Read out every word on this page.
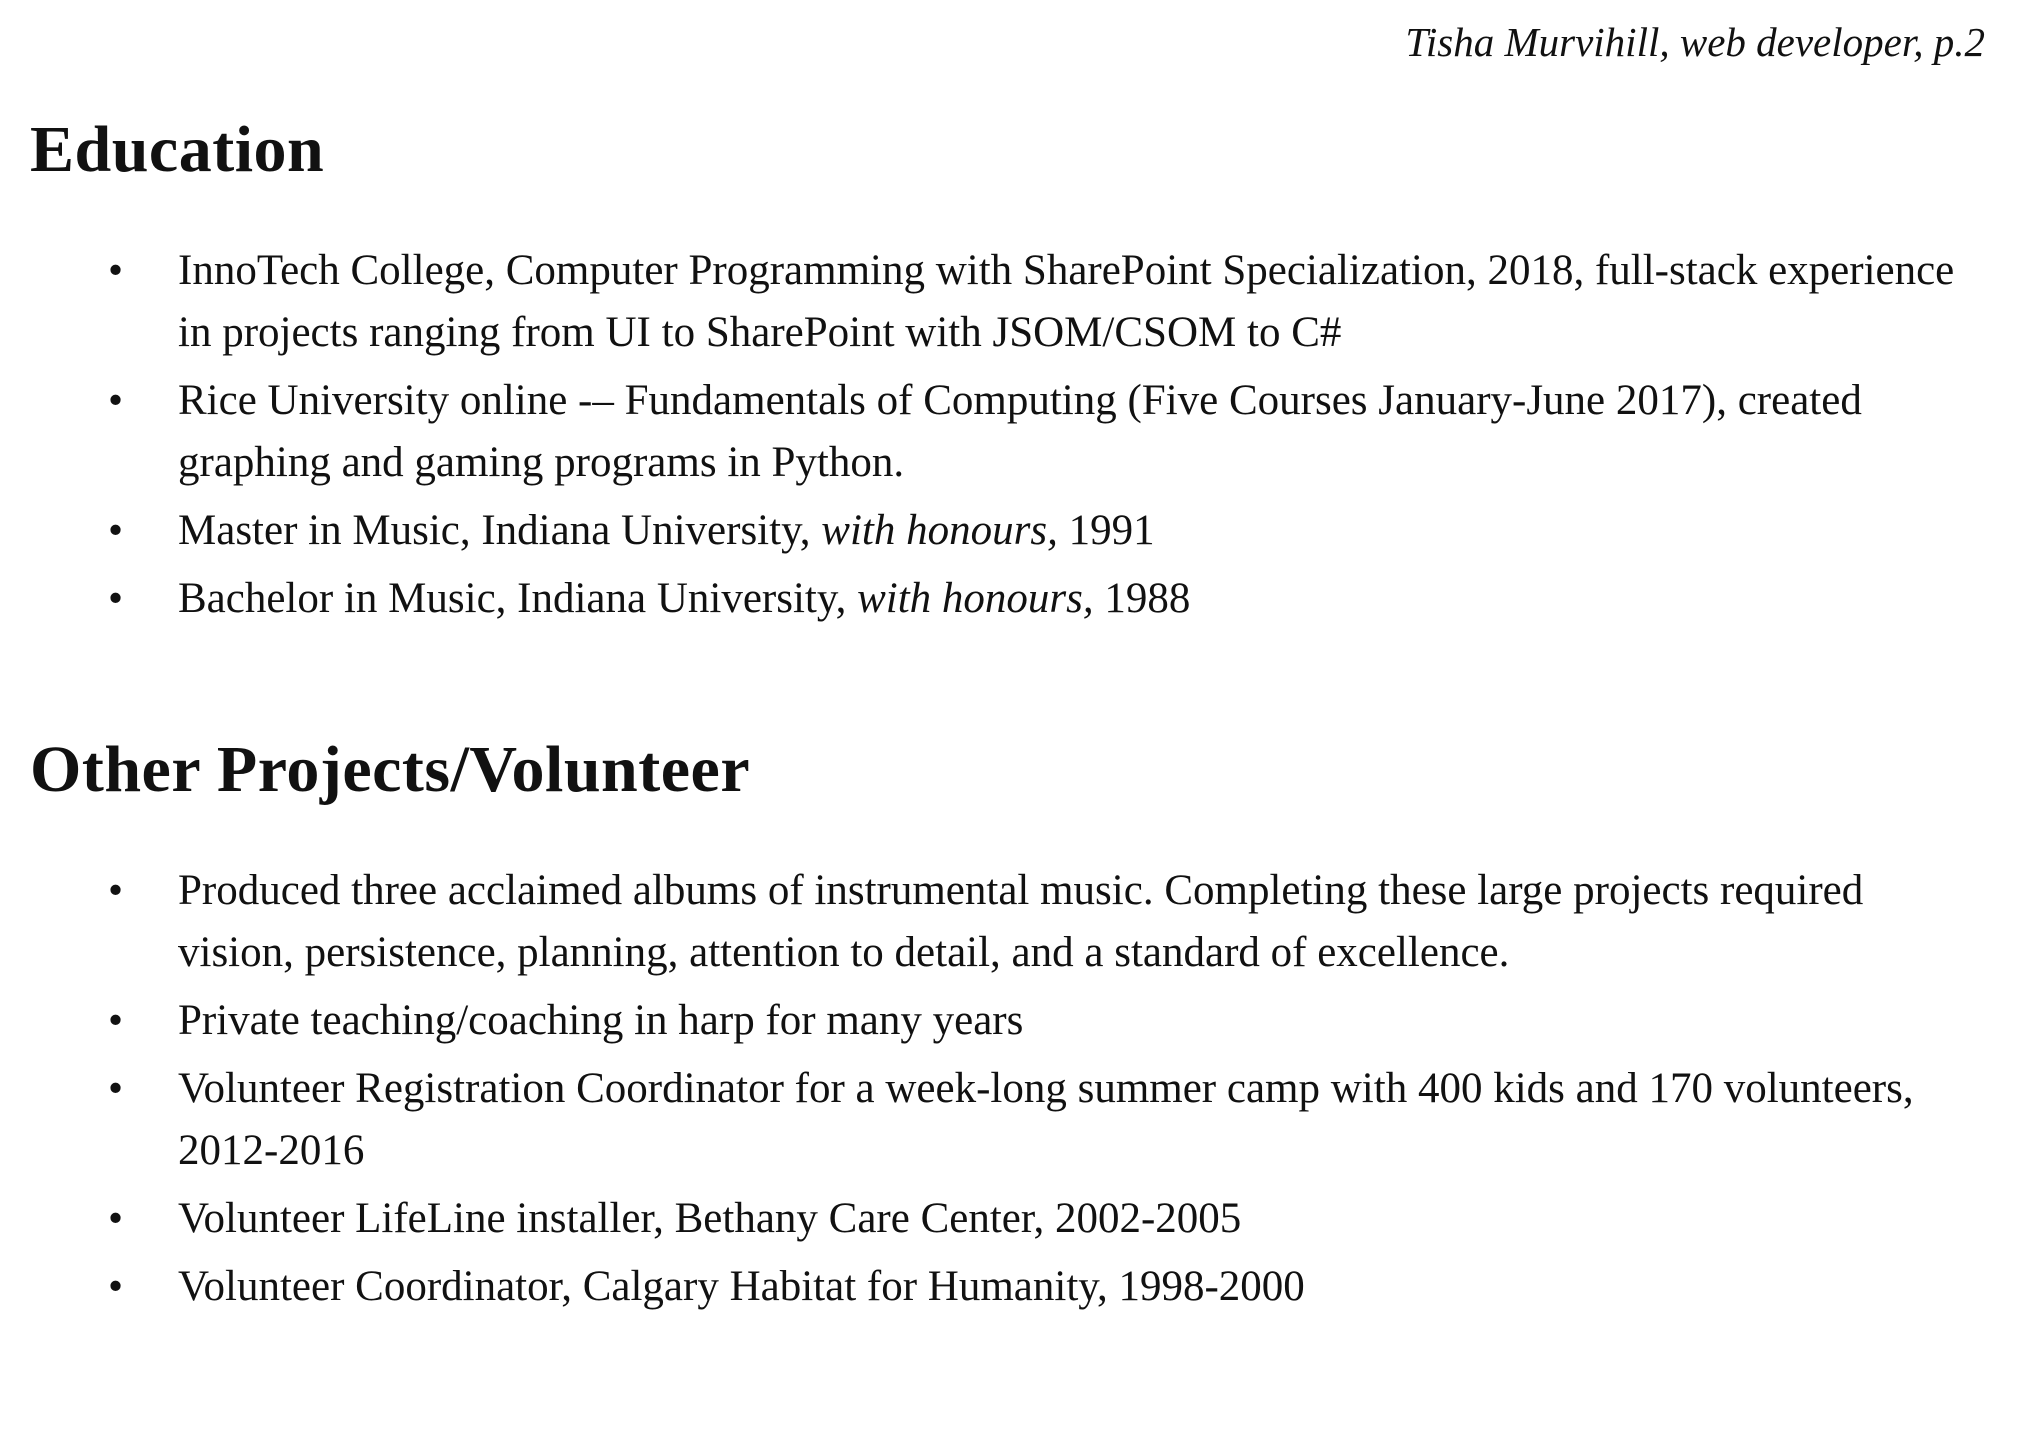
Tisha Murvihill, web developer, p.2
Education
• InnoTech College, Computer Programming with SharePoint Specialization, 2018, full-stack experience in projects ranging from UI to SharePoint with JSOM/CSOM to C#
• Rice University online -– Fundamentals of Computing (Five Courses January-June 2017), created graphing and gaming programs in Python.
• Master in Music, Indiana University, with honours, 1991
• Bachelor in Music, Indiana University, with honours, 1988
Other Projects/Volunteer
• Produced three acclaimed albums of instrumental music. Completing these large projects required vision, persistence, planning, attention to detail, and a standard of excellence.
• Private teaching/coaching in harp for many years
• Volunteer Registration Coordinator for a week-long summer camp with 400 kids and 170 volunteers, 2012-2016
• Volunteer LifeLine installer, Bethany Care Center, 2002-2005
• Volunteer Coordinator, Calgary Habitat for Humanity, 1998-2000
